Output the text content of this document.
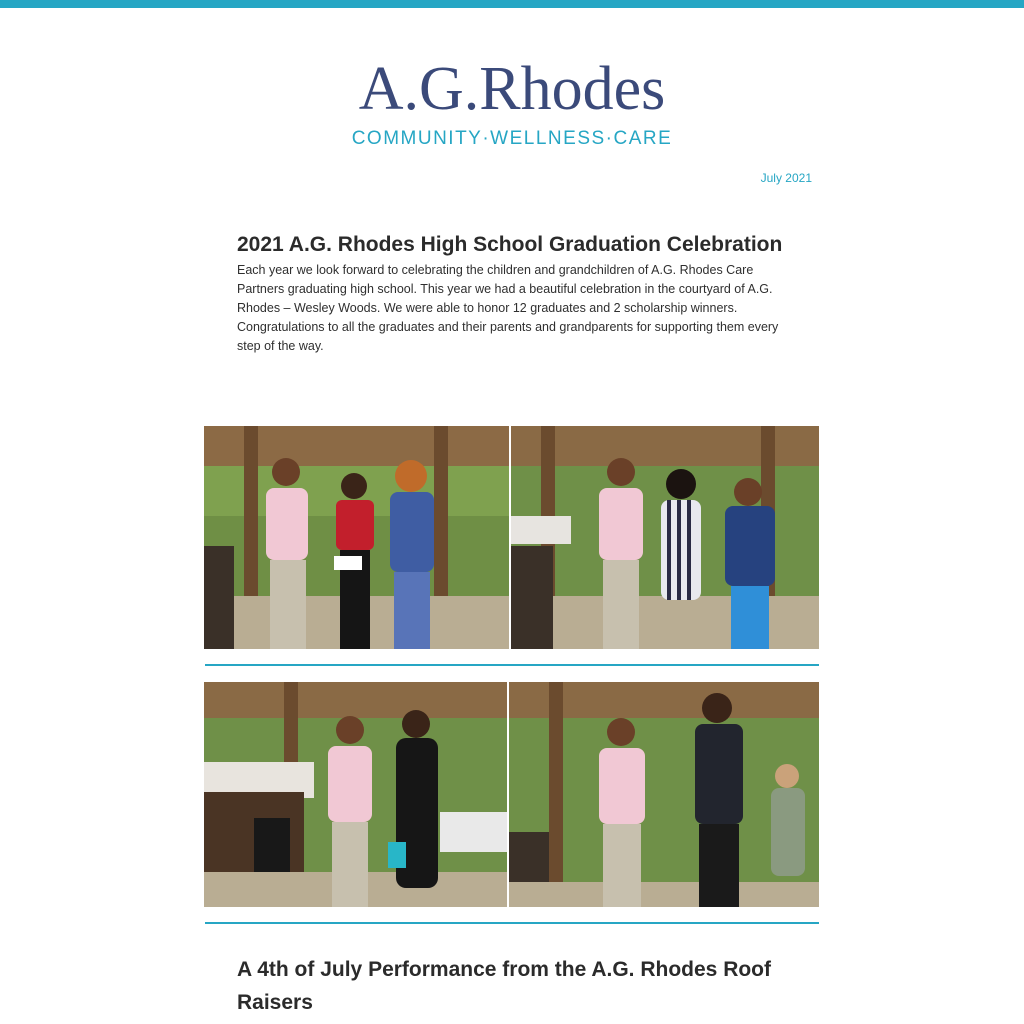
A.G.Rhodes
COMMUNITY·WELLNESS·CARE
July 2021
2021 A.G. Rhodes High School Graduation Celebration

Each year we look forward to celebrating the children and grandchildren of A.G. Rhodes Care Partners graduating high school. This year we had a beautiful celebration in the courtyard of A.G. Rhodes – Wesley Woods. We were able to honor 12 graduates and 2 scholarship winners. Congratulations to all the graduates and their parents and grandparents for supporting them every step of the way.

A 4th of July Performance from the A.G. Rhodes Roof Raisers
